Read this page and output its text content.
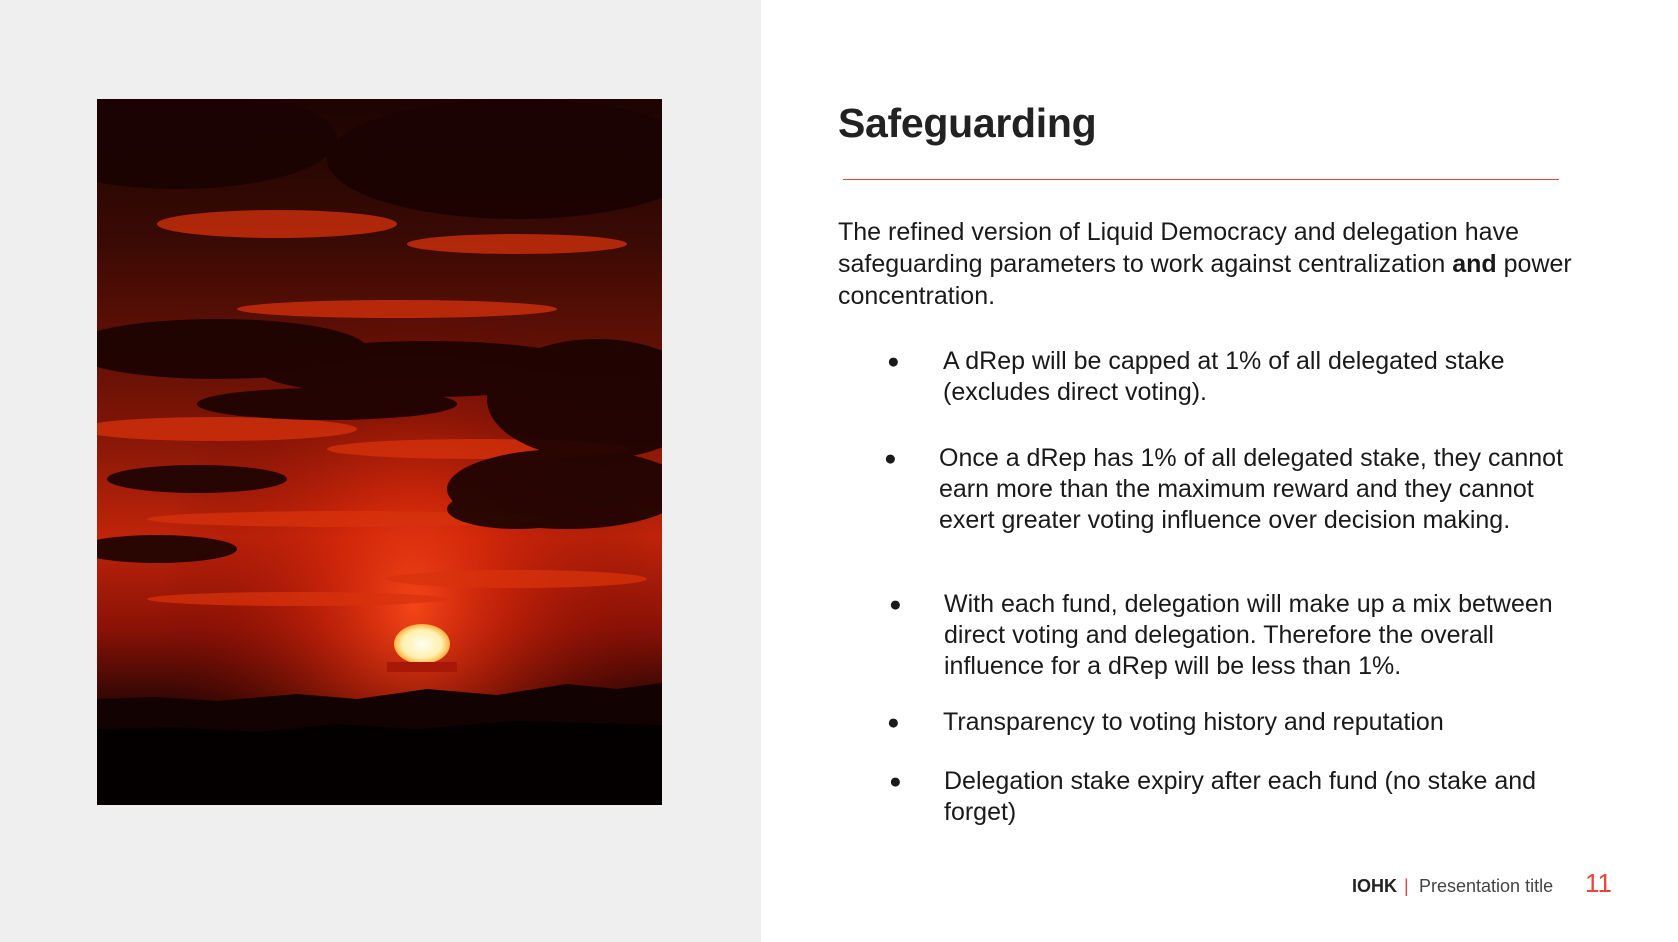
Safeguarding

The refined version of Liquid Democracy and delegation have safeguarding parameters to work against centralization and power concentration.

● A dRep will be capped at 1% of all delegated stake (excludes direct voting).

● Once a dRep has 1% of all delegated stake, they cannot earn more than the maximum reward and they cannot exert greater voting influence over decision making.

● With each fund, delegation will make up a mix between direct voting and delegation. Therefore the overall influence for a dRep will be less than 1%.

● Transparency to voting history and reputation

● Delegation stake expiry after each fund (no stake and forget)

IOHK | Presentation title 11
